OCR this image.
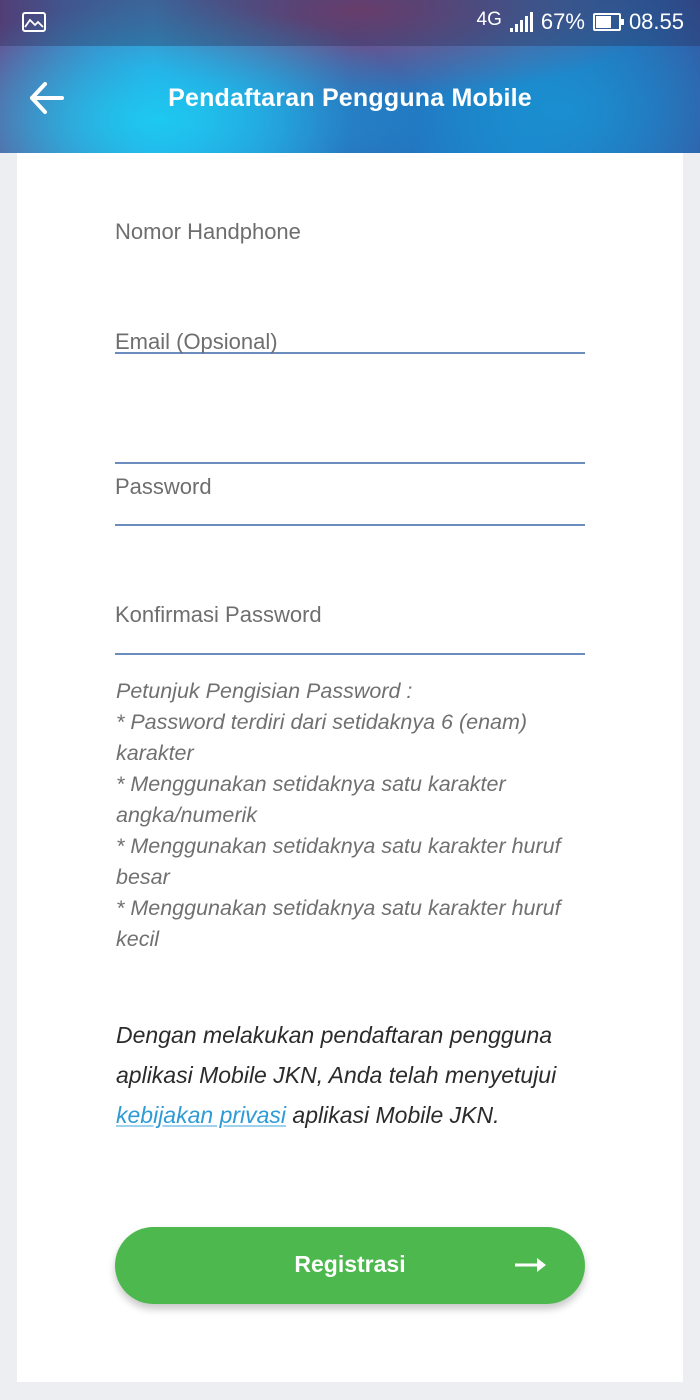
4G 67% 08.55
Pendaftaran Pengguna Mobile
Nomor Handphone
Email (Opsional)
Password
Konfirmasi Password
Petunjuk Pengisian Password :
* Password terdiri dari setidaknya 6 (enam) karakter
* Menggunakan setidaknya satu karakter angka/numerik
* Menggunakan setidaknya satu karakter huruf besar
* Menggunakan setidaknya satu karakter huruf kecil
Dengan melakukan pendaftaran pengguna aplikasi Mobile JKN, Anda telah menyetujui kebijakan privasi aplikasi Mobile JKN.
Registrasi
